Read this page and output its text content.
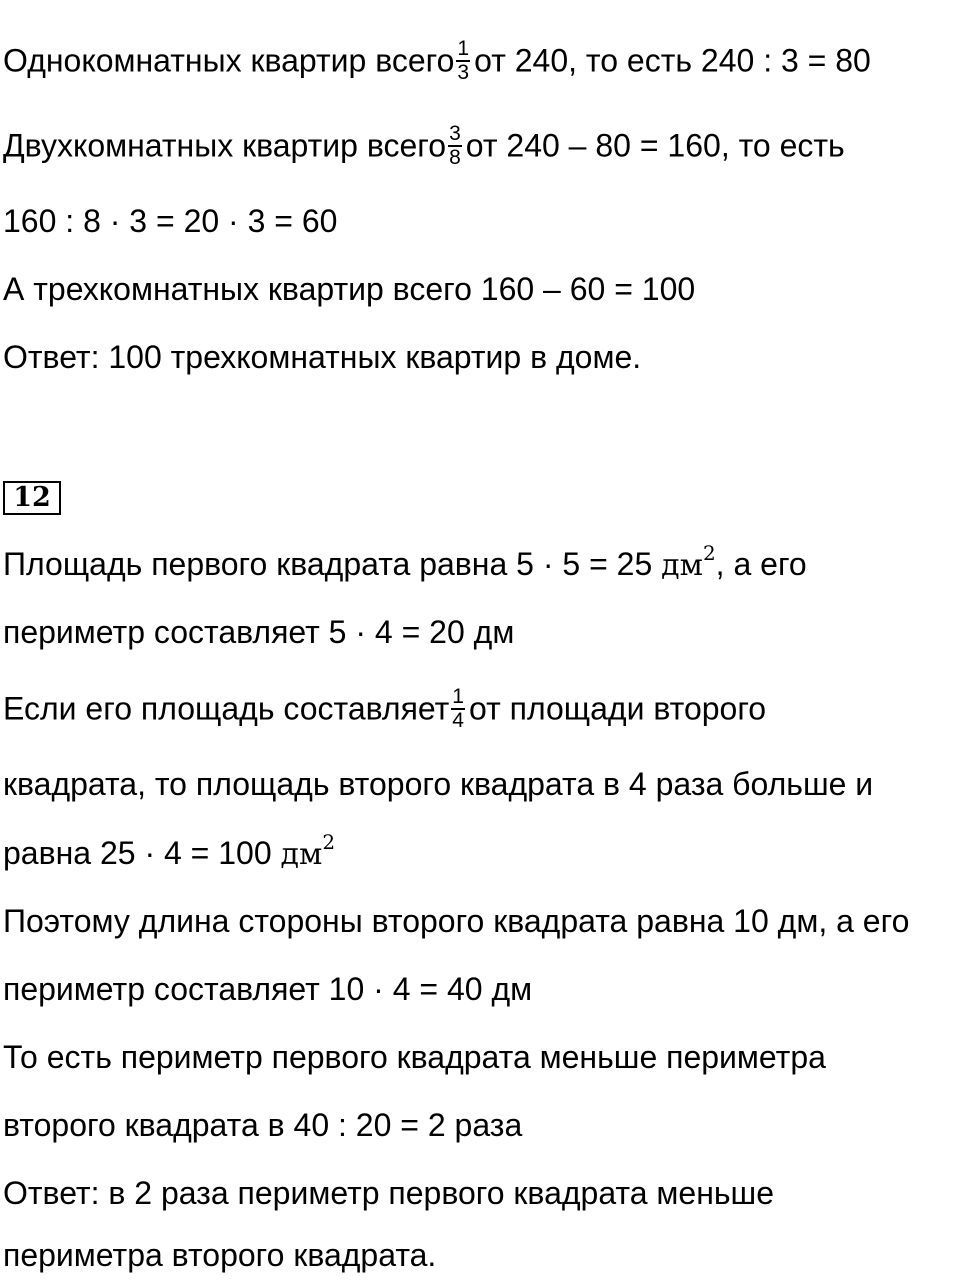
Однокомнатных квартир всего $\frac{1}{3}$ от 240, то есть 240 : 3 = 80
Двухкомнатных квартир всего $\frac{3}{8}$ от 240 – 80 = 160, то есть
160 : 8 · 3 = 20 · 3 = 60
А трехкомнатных квартир всего 160 – 60 = 100
Ответ: 100 трехкомнатных квартир в доме.
12
Площадь первого квадрата равна 5 · 5 = 25 $дм^2$, а его
периметр составляет 5 · 4 = 20 дм
Если его площадь составляет $\frac{1}{4}$ от площади второго
квадрата, то площадь второго квадрата в 4 раза больше и
равна 25 · 4 = 100 $дм^2$
Поэтому длина стороны второго квадрата равна 10 дм, а его
периметр составляет 10 · 4 = 40 дм
То есть периметр первого квадрата меньше периметра
второго квадрата в 40 : 20 = 2 раза
Ответ: в 2 раза периметр первого квадрата меньше
периметра второго квадрата.
